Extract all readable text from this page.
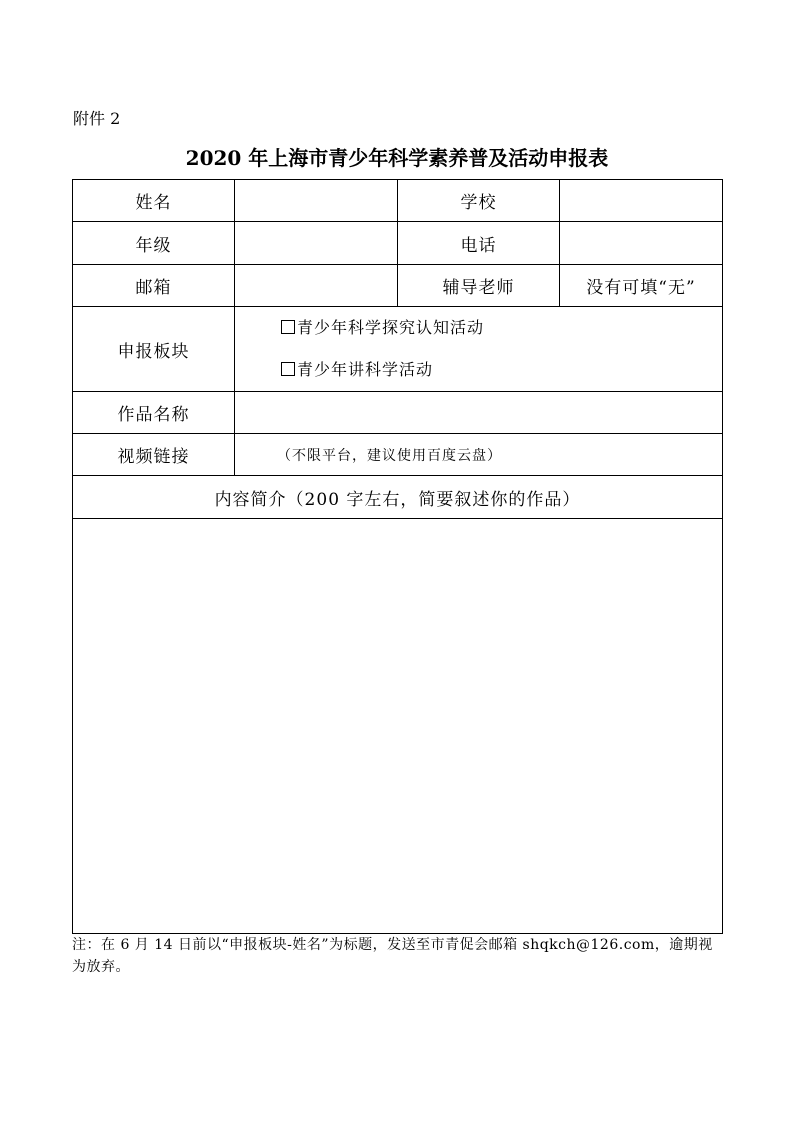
附件 2
2020 年上海市青少年科学素养普及活动申报表
姓名		学校	
年级		电话	
邮箱		辅导老师	没有可填“无”
申报板块	青少年科学探究认知活动
青少年讲科学活动		

作品名称			
视频链接	（不限平台，建议使用百度云盘）		
内容简介（200 字左右，简要叙述你的作品）			

注：在 6 月 14 日前以“申报板块-姓名”为标题，发送至市青促会邮箱 shqkch@126.com，逾期视为放弃。
